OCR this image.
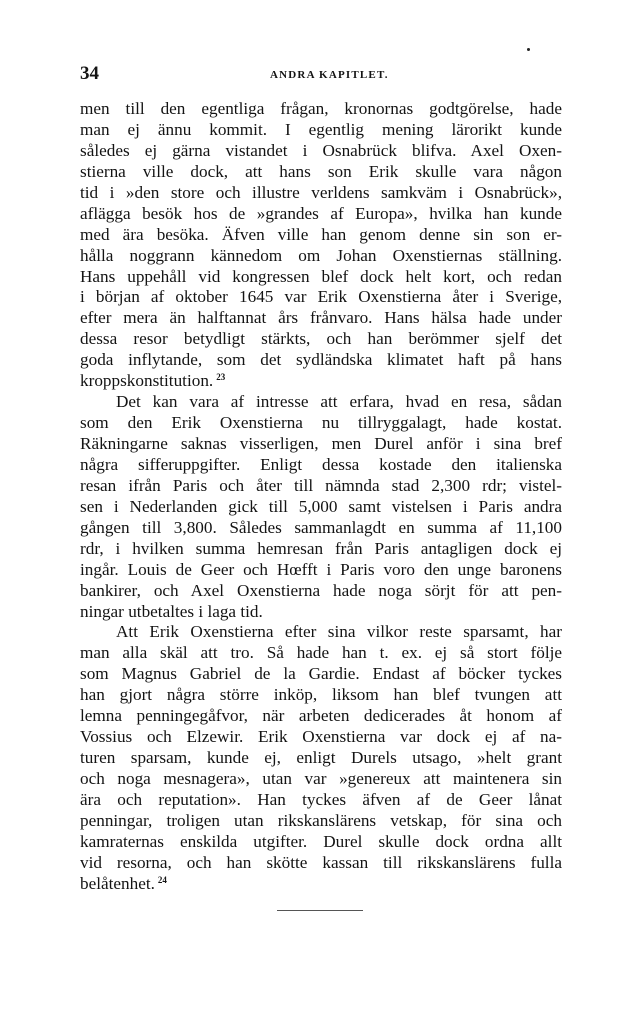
34	ANDRA KAPITLET.
men till den egentliga frågan, kronornas godtgörelse, hade
man ej ännu kommit. I egentlig mening lärorikt kunde
således ej gärna vistandet i Osnabrück blifva. Axel Oxen-
stierna ville dock, att hans son Erik skulle vara någon
tid i »den store och illustre verldens samkväm i Osnabrück»,
aflägga besök hos de »grandes af Europa», hvilka han kunde
med ära besöka. Äfven ville han genom denne sin son er-
hålla noggrann kännedom om Johan Oxenstiernas ställning.
Hans uppehåll vid kongressen blef dock helt kort, och redan
i början af oktober 1645 var Erik Oxenstierna åter i Sverige,
efter mera än halftannat års frånvaro. Hans hälsa hade under
dessa resor betydligt stärkts, och han berömmer sjelf det
goda inflytande, som det sydländska klimatet haft på hans
kroppskonstitution. $^{23}$
Det kan vara af intresse att erfara, hvad en resa, sådan
som den Erik Oxenstierna nu tillryggalagt, hade kostat.
Räkningarne saknas visserligen, men Durel anför i sina bref
några sifferuppgifter. Enligt dessa kostade den italienska
resan ifrån Paris och åter till nämnda stad 2,300 rdr; vistel-
sen i Nederlanden gick till 5,000 samt vistelsen i Paris andra
gången till 3,800. Således sammanlagdt en summa af 11,100
rdr, i hvilken summa hemresan från Paris antagligen dock ej
ingår. Louis de Geer och Hœfft i Paris voro den unge baronens
bankirer, och Axel Oxenstierna hade noga sörjt för att pen-
ningar utbetaltes i laga tid.
Att Erik Oxenstierna efter sina vilkor reste sparsamt, har
man alla skäl att tro. Så hade han t. ex. ej så stort följe
som Magnus Gabriel de la Gardie. Endast af böcker tyckes
han gjort några större inköp, liksom han blef tvungen att
lemna penningegåfvor, när arbeten dedicerades åt honom af
Vossius och Elzewir. Erik Oxenstierna var dock ej af na-
turen sparsam, kunde ej, enligt Durels utsago, »helt grant
och noga mesnagera», utan var »genereux att maintenera sin
ära och reputation». Han tyckes äfven af de Geer lånat
penningar, troligen utan rikskanslärens vetskap, för sina och
kamraternas enskilda utgifter. Durel skulle dock ordna allt
vid resorna, och han skötte kassan till rikskanslärens fulla
belåtenhet. $^{24}$
